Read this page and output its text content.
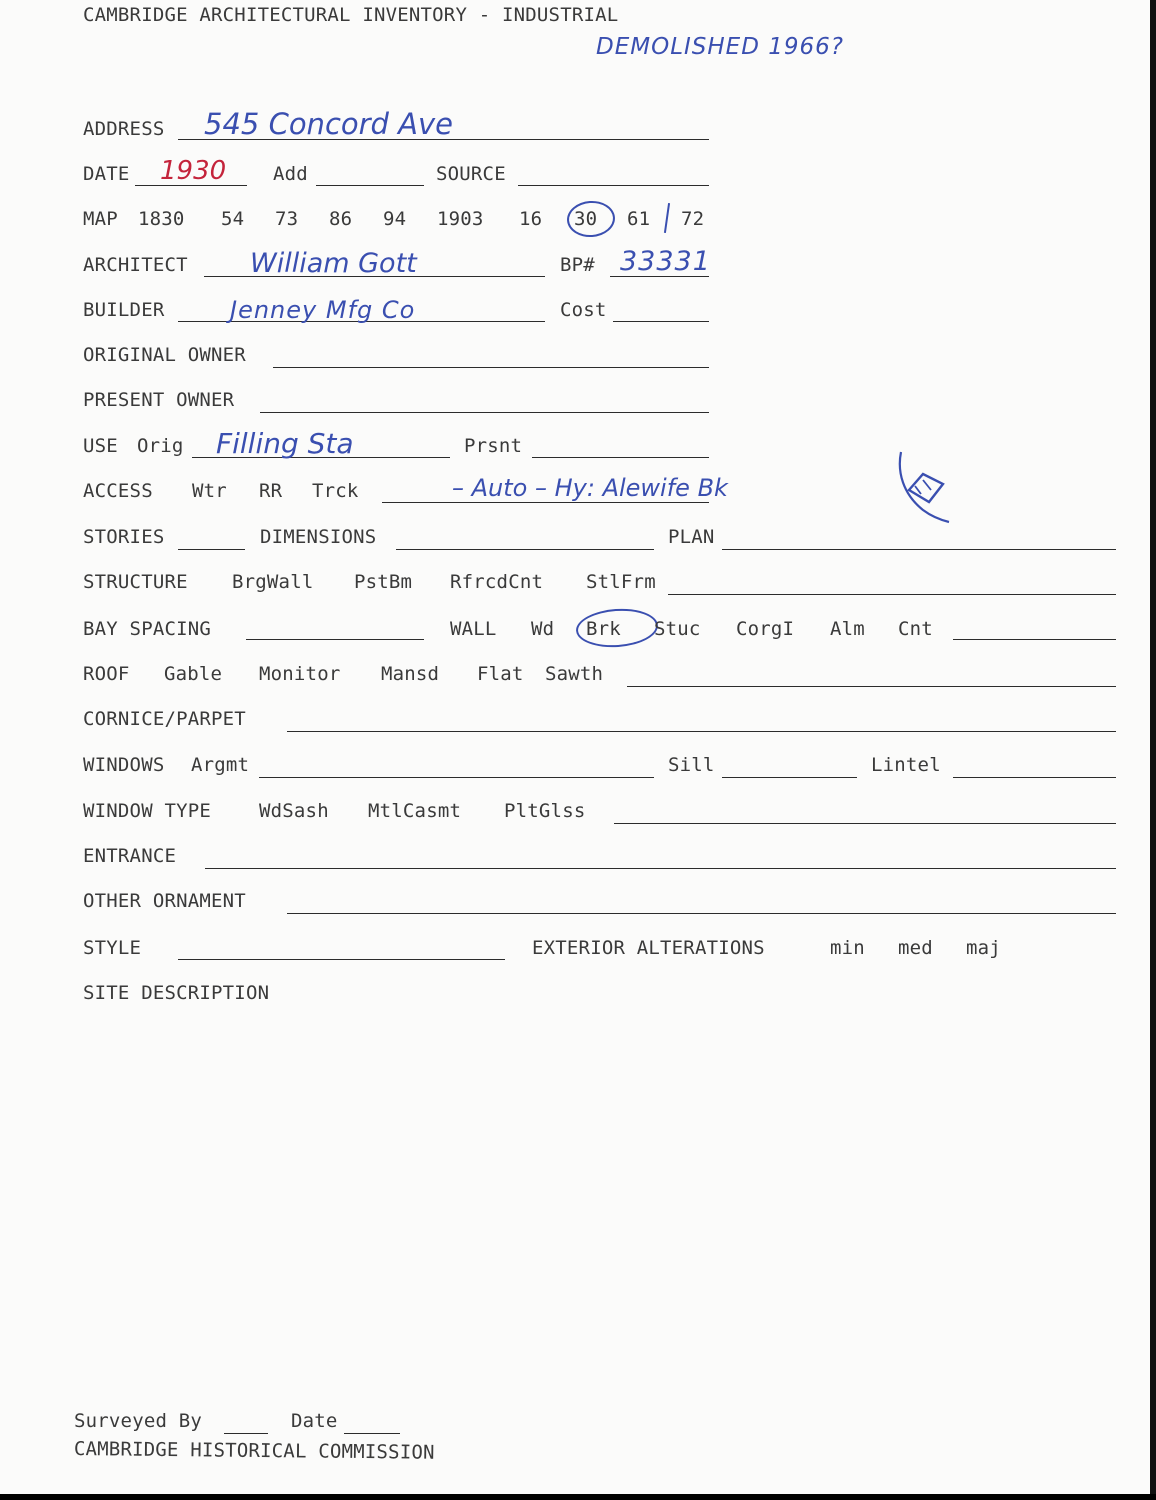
CAMBRIDGE ARCHITECTURAL INVENTORY - INDUSTRIAL
DEMOLISHED 1966?
ADDRESS 545 Concord Ave
DATE 1930 Add	SOURCE
MAP 1830 54 73 86 94 1903 16 30 61 72
ARCHITECT William Gott	BP# 33331
BUILDER	Jenney Mfg Co	Cost
ORIGINAL OWNER
PRESENT OWNER
USE Orig Filling Sta	Prsnt
ACCESS Wtr RR Trck	– Auto – Hy: Alewife Bk
STORIES	DIMENSIONS	PLAN
STRUCTURE BrgWall PstBm RfrcdCnt StlFrm
BAY SPACING	WALL Wd Brk Stuc CorgI Alm Cnt
ROOF Gable Monitor Mansd Flat Sawth
CORNICE/PARPET
WINDOWS Argmt	Sill	Lintel
WINDOW TYPE	WdSash MtlCasmt PltGlss
ENTRANCE
OTHER ORNAMENT
STYLE	EXTERIOR ALTERATIONS	min med maj
SITE DESCRIPTION
Surveyed By	Date
CAMBRIDGE HISTORICAL COMMISSION
